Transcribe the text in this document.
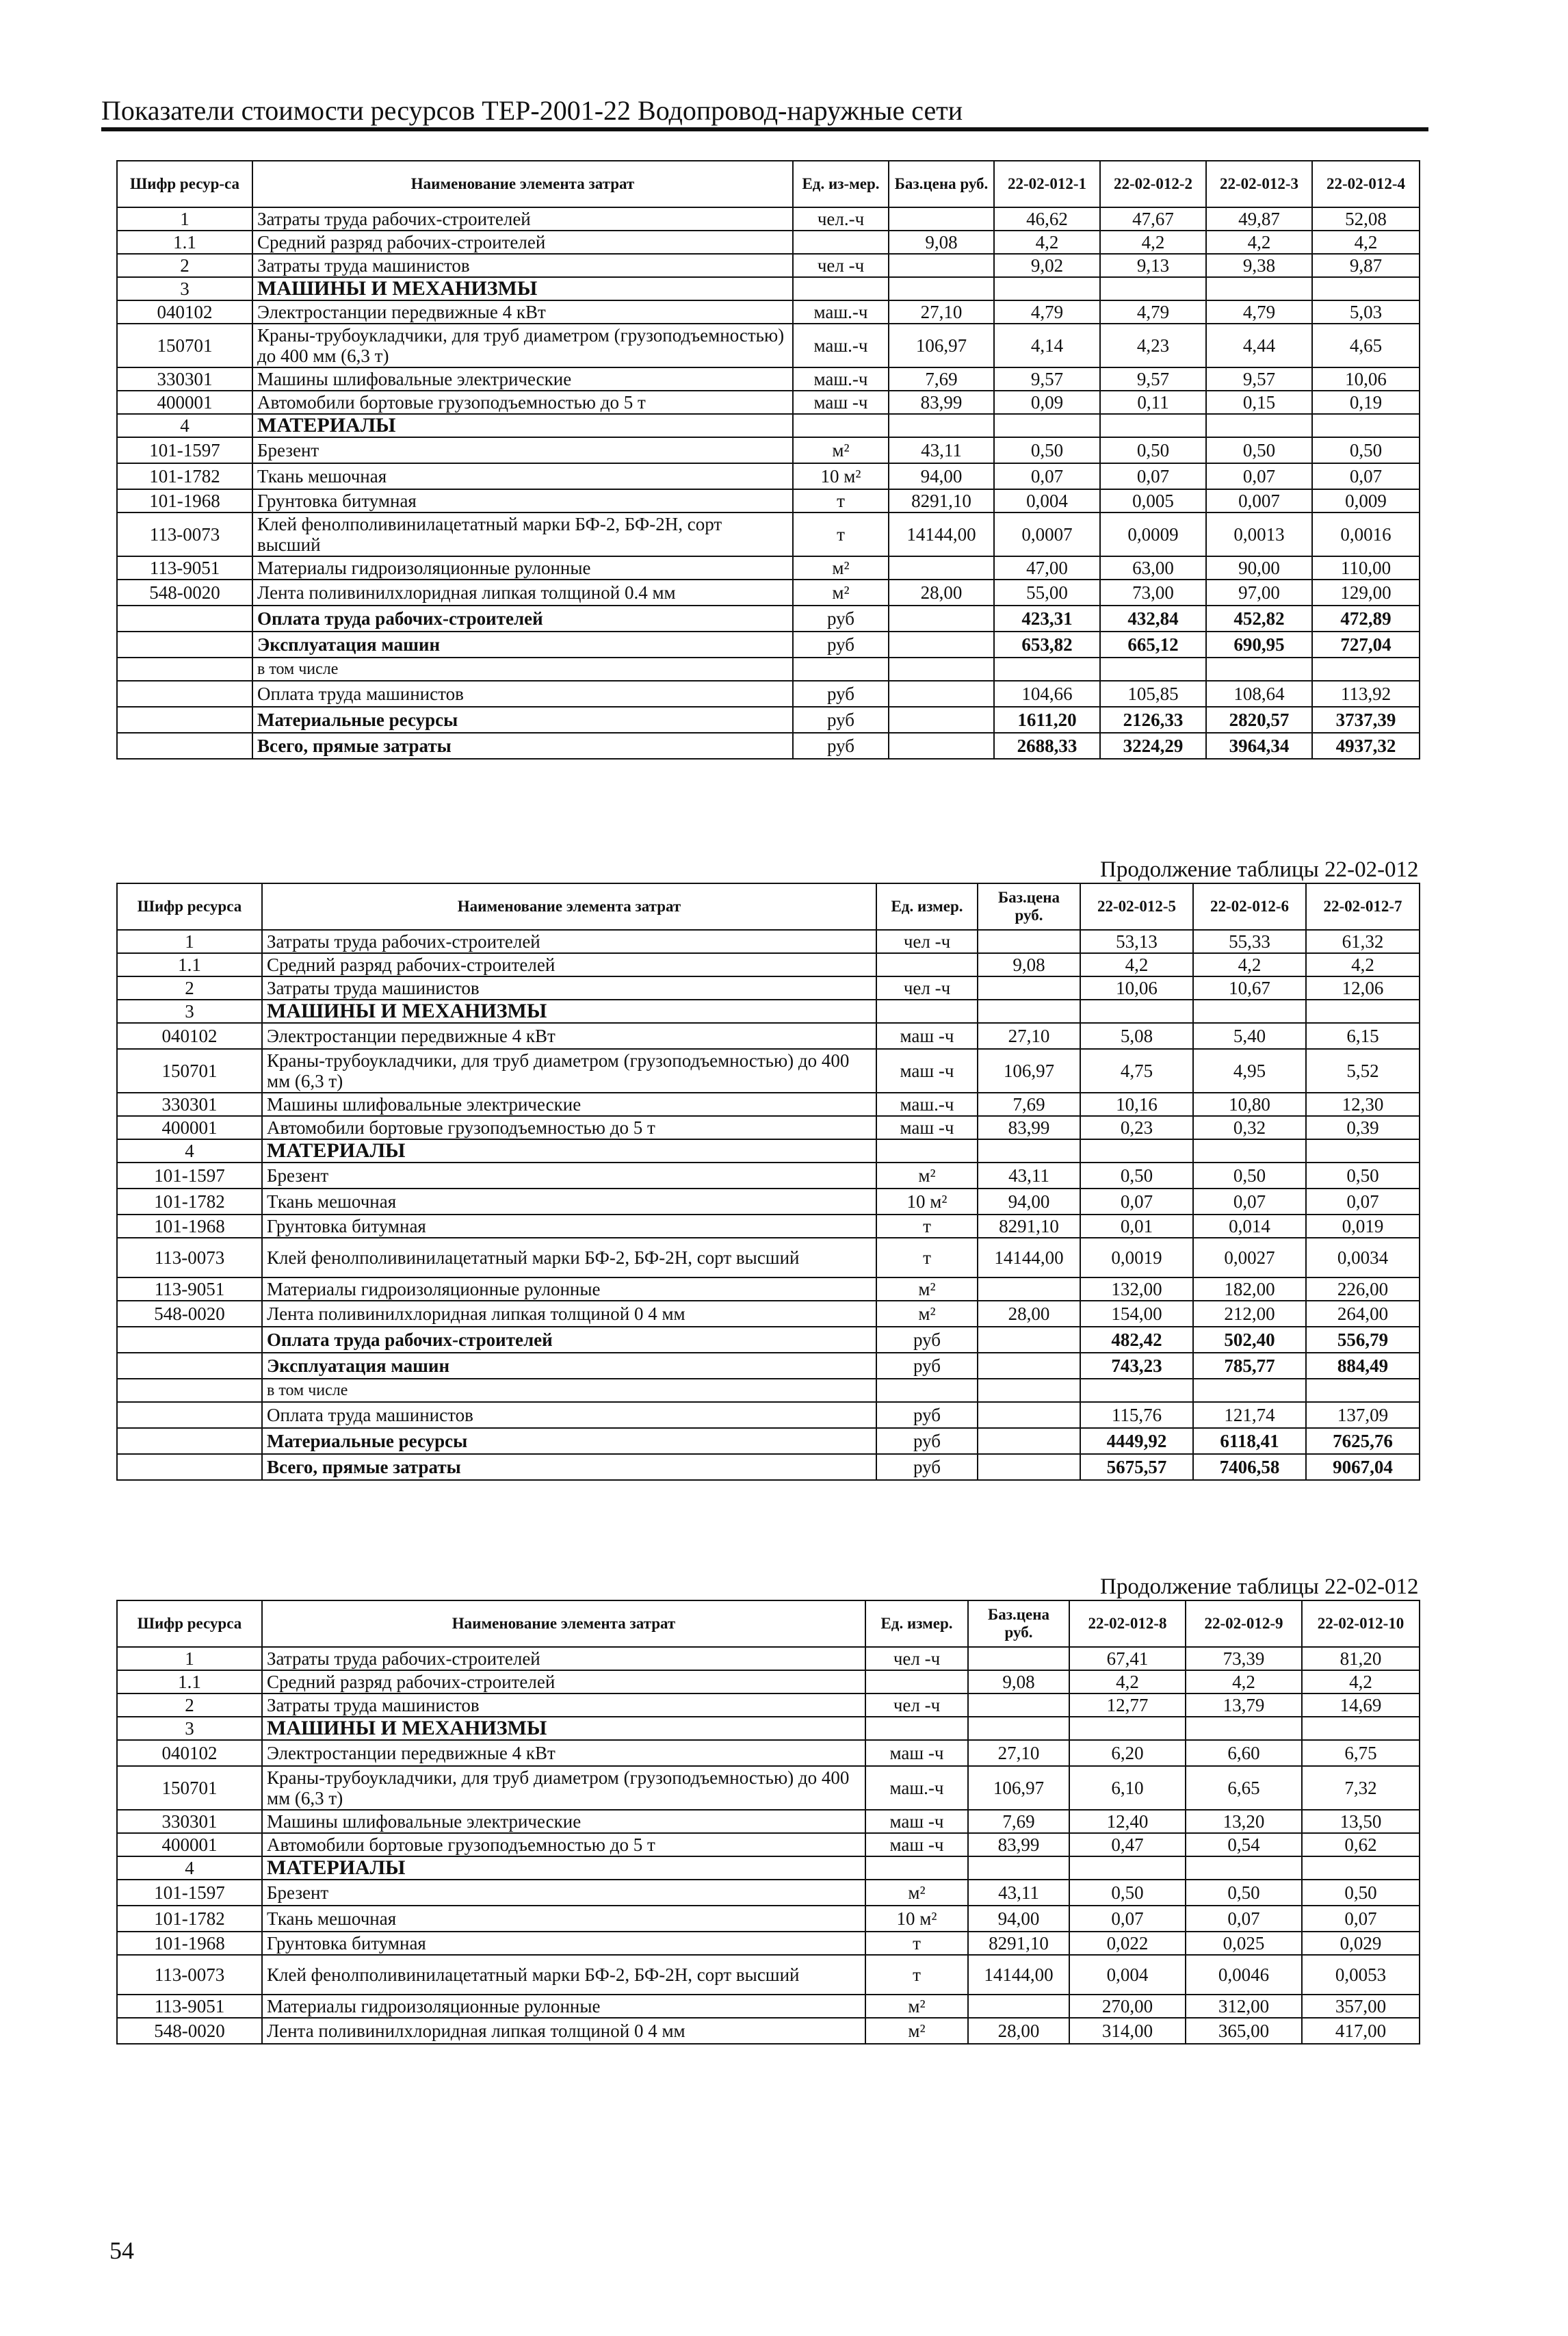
Показатели стоимости ресурсов ТЕР-2001-22 Водопровод-наружные сети
Продолжение таблицы 22-02-012
Продолжение таблицы 22-02-012
Шифр ресур-са	Наименование элемента затрат	Ед. из-мер.	Баз.цена руб.	22-02-012-1	22-02-012-2	22-02-012-3	22-02-012-4
1	Затраты труда рабочих-строителей	чел.-ч		46,62	47,67	49,87	52,08
1.1	Средний разряд рабочих-строителей		9,08	4,2	4,2	4,2	4,2
2	Затраты труда машинистов	чел -ч		9,02	9,13	9,38	9,87
3	МАШИНЫ И МЕХАНИЗМЫ						
040102	Электростанции передвижные 4 кВт	маш.-ч	27,10	4,79	4,79	4,79	5,03
150701	Краны-трубоукладчики, для труб диаметром (грузоподъемностью) до 400 мм (6,3 т)	маш.-ч	106,97	4,14	4,23	4,44	4,65
330301	Машины шлифовальные электрические	маш.-ч	7,69	9,57	9,57	9,57	10,06
400001	Автомобили бортовые грузоподъемностью до 5 т	маш -ч	83,99	0,09	0,11	0,15	0,19
4	МАТЕРИАЛЫ						
101-1597	Брезент	м²	43,11	0,50	0,50	0,50	0,50
101-1782	Ткань мешочная	10 м²	94,00	0,07	0,07	0,07	0,07
101-1968	Грунтовка битумная	т	8291,10	0,004	0,005	0,007	0,009
113-0073	Клей фенолполивинилацетатный марки БФ-2, БФ-2Н, сорт высший	т	14144,00	0,0007	0,0009	0,0013	0,0016
113-9051	Материалы гидроизоляционные рулонные	м²		47,00	63,00	90,00	110,00
548-0020	Лента поливинилхлоридная липкая толщиной 0.4 мм	м²	28,00	55,00	73,00	97,00	129,00
	Оплата труда рабочих-строителей	руб		423,31	432,84	452,82	472,89
	Эксплуатация машин	руб		653,82	665,12	690,95	727,04
	в том числе						
	Оплата труда машинистов	руб		104,66	105,85	108,64	113,92
	Материальные ресурсы	руб		1611,20	2126,33	2820,57	3737,39
	Всего, прямые затраты	руб		2688,33	3224,29	3964,34	4937,32
Шифр ресурса	Наименование элемента затрат	Ед. измер.	Баз.цена руб.	22-02-012-5	22-02-012-6	22-02-012-7
1	Затраты труда рабочих-строителей	чел -ч		53,13	55,33	61,32
1.1	Средний разряд рабочих-строителей		9,08	4,2	4,2	4,2
2	Затраты труда машинистов	чел -ч		10,06	10,67	12,06
3	МАШИНЫ И МЕХАНИЗМЫ					
040102	Электростанции передвижные 4 кВт	маш -ч	27,10	5,08	5,40	6,15
150701	Краны-трубоукладчики, для труб диаметром (грузоподъемностью) до 400 мм (6,3 т)	маш -ч	106,97	4,75	4,95	5,52
330301	Машины шлифовальные электрические	маш.-ч	7,69	10,16	10,80	12,30
400001	Автомобили бортовые грузоподъемностью до 5 т	маш -ч	83,99	0,23	0,32	0,39
4	МАТЕРИАЛЫ					
101-1597	Брезент	м²	43,11	0,50	0,50	0,50
101-1782	Ткань мешочная	10 м²	94,00	0,07	0,07	0,07
101-1968	Грунтовка битумная	т	8291,10	0,01	0,014	0,019
113-0073	Клей фенолполивинилацетатный марки БФ-2, БФ-2Н, сорт высший	т	14144,00	0,0019	0,0027	0,0034
113-9051	Материалы гидроизоляционные рулонные	м²		132,00	182,00	226,00
548-0020	Лента поливинилхлоридная липкая толщиной 0 4 мм	м²	28,00	154,00	212,00	264,00
	Оплата труда рабочих-строителей	руб		482,42	502,40	556,79
	Эксплуатация машин	руб		743,23	785,77	884,49
	в том числе					
	Оплата труда машинистов	руб		115,76	121,74	137,09
	Материальные ресурсы	руб		4449,92	6118,41	7625,76
	Всего, прямые затраты	руб		5675,57	7406,58	9067,04
Шифр ресурса	Наименование элемента затрат	Ед. измер.	Баз.цена руб.	22-02-012-8	22-02-012-9	22-02-012-10
1	Затраты труда рабочих-строителей	чел -ч		67,41	73,39	81,20
1.1	Средний разряд рабочих-строителей		9,08	4,2	4,2	4,2
2	Затраты труда машинистов	чел -ч		12,77	13,79	14,69
3	МАШИНЫ И МЕХАНИЗМЫ					
040102	Электростанции передвижные 4 кВт	маш -ч	27,10	6,20	6,60	6,75
150701	Краны-трубоукладчики, для труб диаметром (грузоподъемностью) до 400 мм (6,3 т)	маш.-ч	106,97	6,10	6,65	7,32
330301	Машины шлифовальные электрические	маш -ч	7,69	12,40	13,20	13,50
400001	Автомобили бортовые грузоподъемностью до 5 т	маш -ч	83,99	0,47	0,54	0,62
4	МАТЕРИАЛЫ					
101-1597	Брезент	м²	43,11	0,50	0,50	0,50
101-1782	Ткань мешочная	10 м²	94,00	0,07	0,07	0,07
101-1968	Грунтовка битумная	т	8291,10	0,022	0,025	0,029
113-0073	Клей фенолполивинилацетатный марки БФ-2, БФ-2Н, сорт высший	т	14144,00	0,004	0,0046	0,0053
113-9051	Материалы гидроизоляционные рулонные	м²		270,00	312,00	357,00
548-0020	Лента поливинилхлоридная липкая толщиной 0 4 мм	м²	28,00	314,00	365,00	417,00
54
